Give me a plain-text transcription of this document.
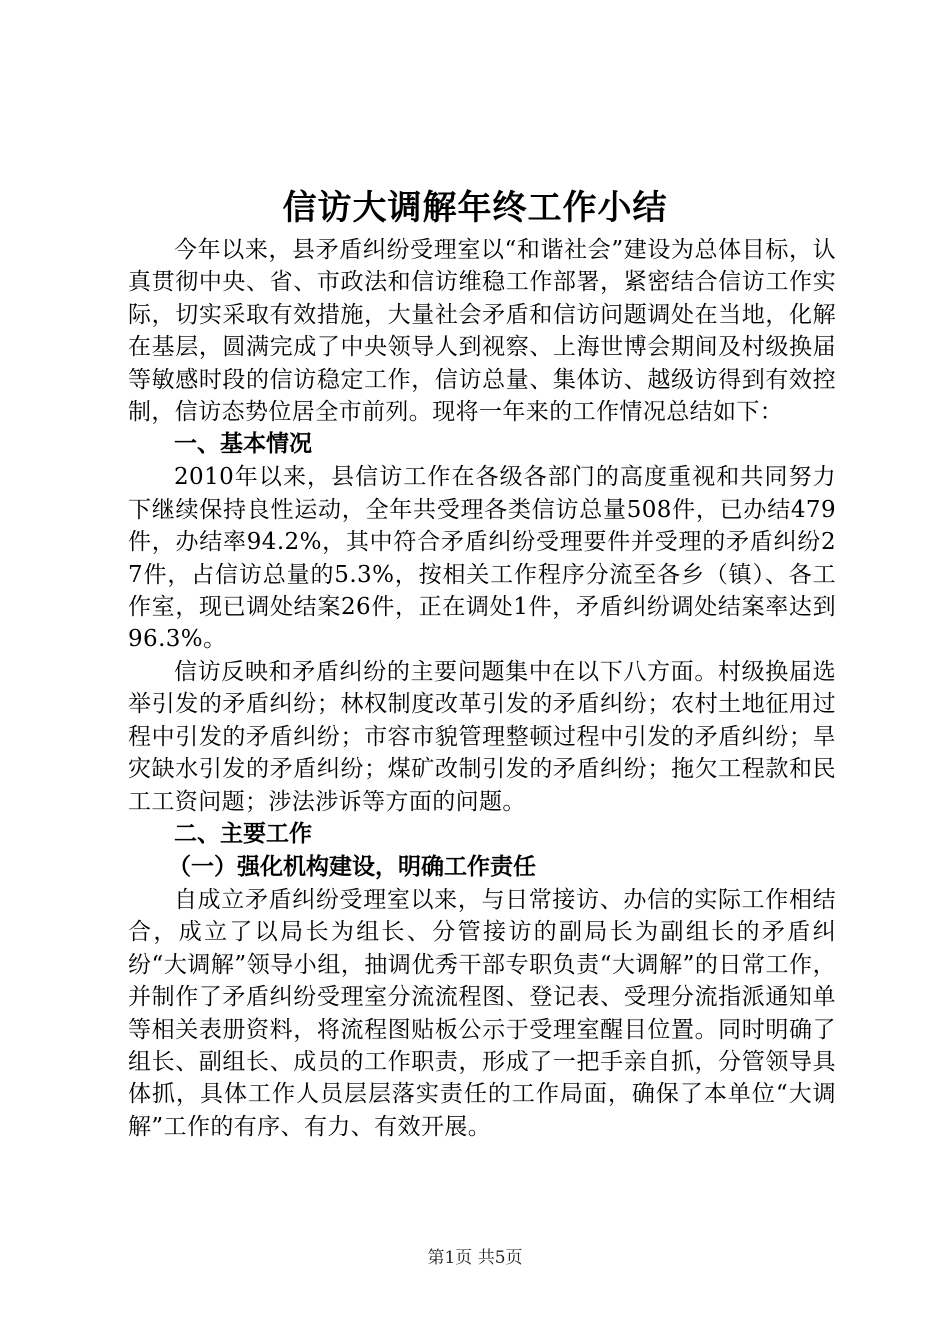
信访大调解年终工作小结

今年以来，县矛盾纠纷受理室以“和谐社会”建设为总体目标，认真贯彻中央、省、市政法和信访维稳工作部署，紧密结合信访工作实际，切实采取有效措施，大量社会矛盾和信访问题调处在当地，化解在基层，圆满完成了中央领导人到视察、上海世博会期间及村级换届等敏感时段的信访稳定工作，信访总量、集体访、越级访得到有效控制，信访态势位居全市前列。现将一年来的工作情况总结如下：

一、基本情况

2010年以来，县信访工作在各级各部门的高度重视和共同努力下继续保持良性运动，全年共受理各类信访总量508件，已办结479件，办结率94.2%，其中符合矛盾纠纷受理要件并受理的矛盾纠纷27件，占信访总量的5.3%，按相关工作程序分流至各乡（镇）、各工作室，现已调处结案26件，正在调处1件，矛盾纠纷调处结案率达到96.3%。

信访反映和矛盾纠纷的主要问题集中在以下八方面。村级换届选举引发的矛盾纠纷；林权制度改革引发的矛盾纠纷；农村土地征用过程中引发的矛盾纠纷；市容市貌管理整顿过程中引发的矛盾纠纷；旱灾缺水引发的矛盾纠纷；煤矿改制引发的矛盾纠纷；拖欠工程款和民工工资问题；涉法涉诉等方面的问题。

二、主要工作

（一）强化机构建设，明确工作责任

自成立矛盾纠纷受理室以来，与日常接访、办信的实际工作相结合，成立了以局长为组长、分管接访的副局长为副组长的矛盾纠纷“大调解”领导小组，抽调优秀干部专职负责“大调解”的日常工作，并制作了矛盾纠纷受理室分流流程图、登记表、受理分流指派通知单等相关表册资料，将流程图贴板公示于受理室醒目位置。同时明确了组长、副组长、成员的工作职责，形成了一把手亲自抓，分管领导具体抓，具体工作人员层层落实责任的工作局面，确保了本单位“大调解”工作的有序、有力、有效开展。

第1页 共5页
